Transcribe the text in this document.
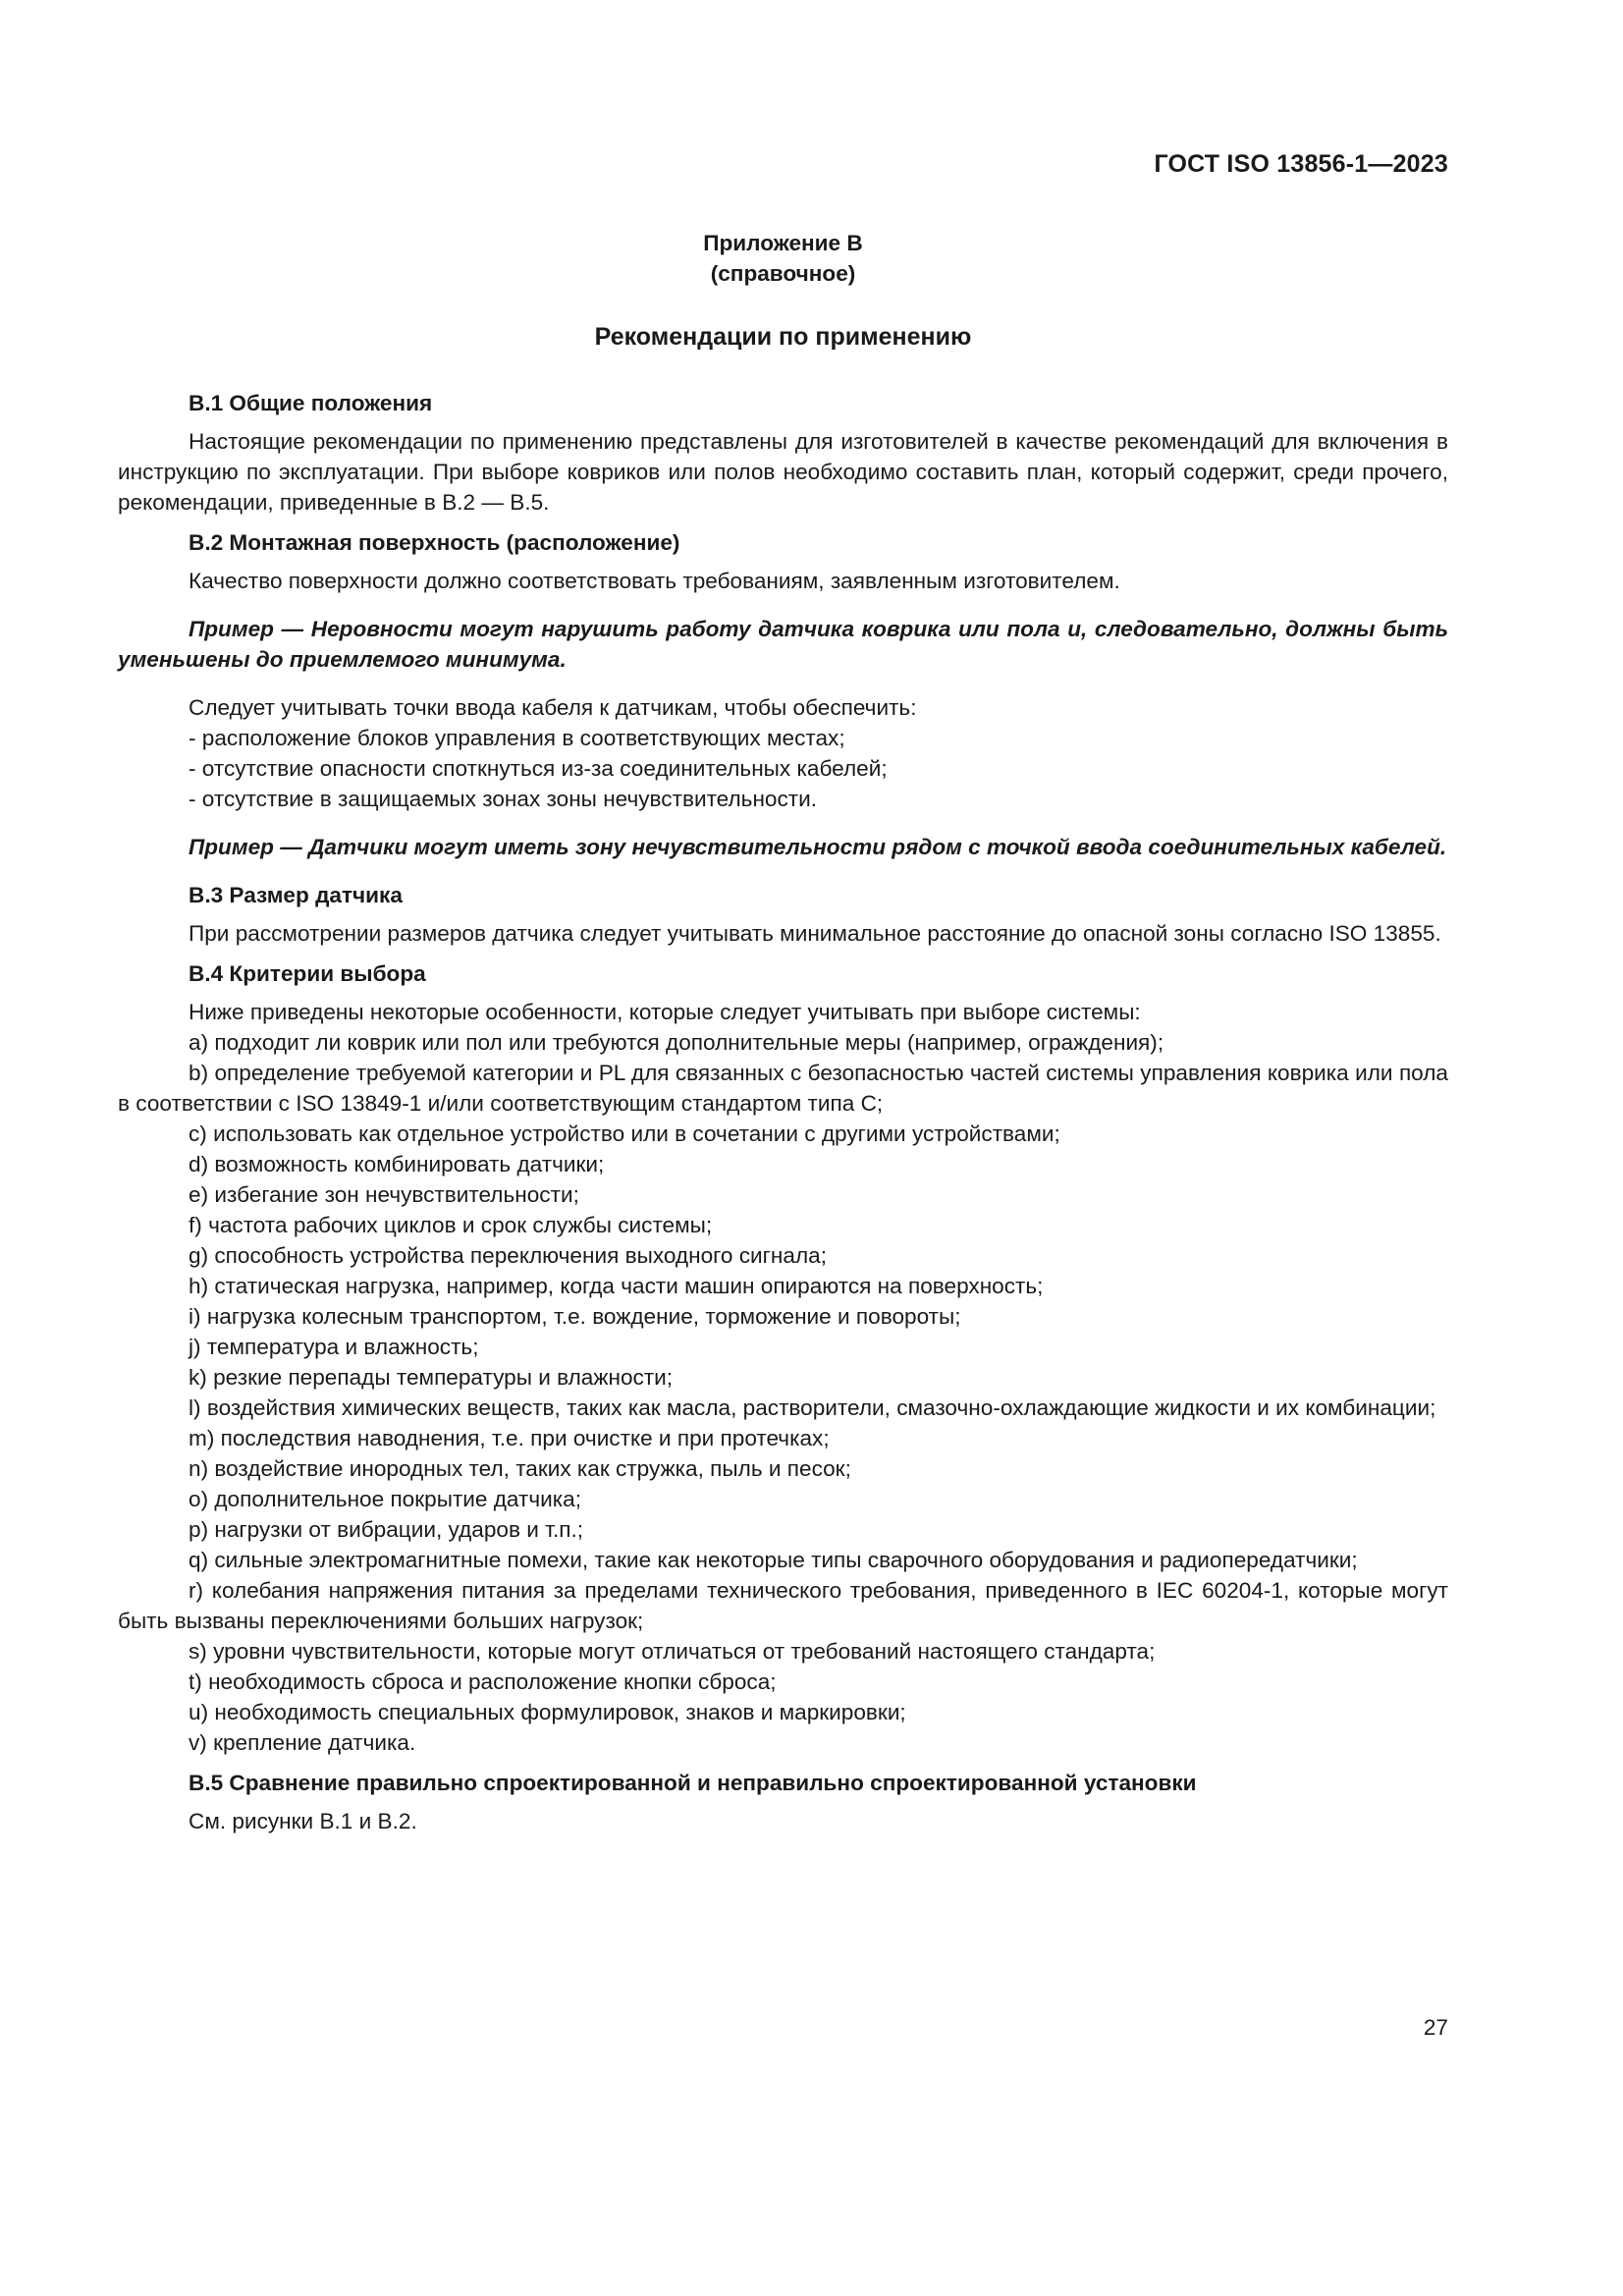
ГОСТ ISO 13856-1—2023
Приложение В
(справочное)
Рекомендации по применению
В.1 Общие положения
Настоящие рекомендации по применению представлены для изготовителей в качестве рекомендаций для включения в инструкцию по эксплуатации. При выборе ковриков или полов необходимо составить план, который содержит, среди прочего, рекомендации, приведенные в В.2 — В.5.
В.2 Монтажная поверхность (расположение)
Качество поверхности должно соответствовать требованиям, заявленным изготовителем.
Пример — Неровности могут нарушить работу датчика коврика или пола и, следовательно, должны быть уменьшены до приемлемого минимума.
Следует учитывать точки ввода кабеля к датчикам, чтобы обеспечить:
- расположение блоков управления в соответствующих местах;
- отсутствие опасности споткнуться из-за соединительных кабелей;
- отсутствие в защищаемых зонах зоны нечувствительности.
Пример — Датчики могут иметь зону нечувствительности рядом с точкой ввода соединительных кабелей.
В.3 Размер датчика
При рассмотрении размеров датчика следует учитывать минимальное расстояние до опасной зоны согласно ISO 13855.
В.4 Критерии выбора
Ниже приведены некоторые особенности, которые следует учитывать при выборе системы:
a) подходит ли коврик или пол или требуются дополнительные меры (например, ограждения);
b) определение требуемой категории и PL для связанных с безопасностью частей системы управления коврика или пола в соответствии с ISO 13849-1 и/или соответствующим стандартом типа С;
c) использовать как отдельное устройство или в сочетании с другими устройствами;
d) возможность комбинировать датчики;
e) избегание зон нечувствительности;
f) частота рабочих циклов и срок службы системы;
g) способность устройства переключения выходного сигнала;
h) статическая нагрузка, например, когда части машин опираются на поверхность;
i) нагрузка колесным транспортом, т.е. вождение, торможение и повороты;
j) температура и влажность;
k) резкие перепады температуры и влажности;
l) воздействия химических веществ, таких как масла, растворители, смазочно-охлаждающие жидкости и их комбинации;
m) последствия наводнения, т.е. при очистке и при протечках;
n) воздействие инородных тел, таких как стружка, пыль и песок;
o) дополнительное покрытие датчика;
p) нагрузки от вибрации, ударов и т.п.;
q) сильные электромагнитные помехи, такие как некоторые типы сварочного оборудования и радиопередатчики;
r) колебания напряжения питания за пределами технического требования, приведенного в IEC 60204-1, которые могут быть вызваны переключениями больших нагрузок;
s) уровни чувствительности, которые могут отличаться от требований настоящего стандарта;
t) необходимость сброса и расположение кнопки сброса;
u) необходимость специальных формулировок, знаков и маркировки;
v) крепление датчика.
В.5 Сравнение правильно спроектированной и неправильно спроектированной установки
См. рисунки В.1 и В.2.
27
